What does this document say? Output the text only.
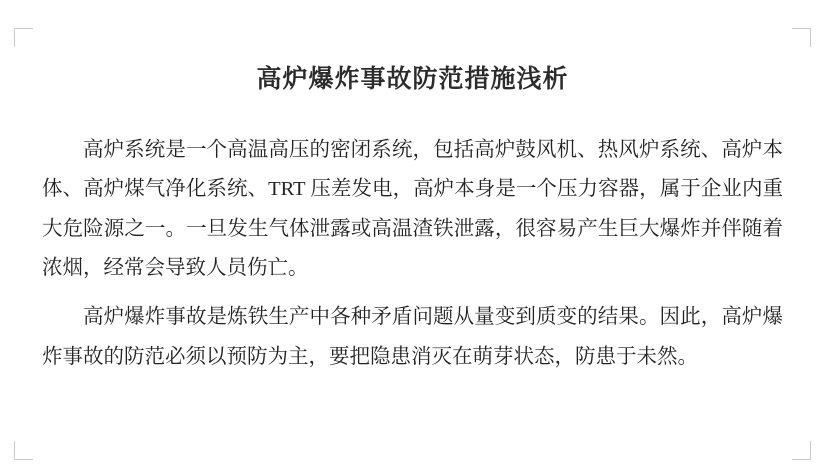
高炉爆炸事故防范措施浅析

高炉系统是一个高温高压的密闭系统，包括高炉鼓风机、热风炉系统、高炉本体、高炉煤气净化系统、TRT 压差发电，高炉本身是一个压力容器，属于企业内重大危险源之一。一旦发生气体泄露或高温渣铁泄露，很容易产生巨大爆炸并伴随着浓烟，经常会导致人员伤亡。

高炉爆炸事故是炼铁生产中各种矛盾问题从量变到质变的结果。因此，高炉爆炸事故的防范必须以预防为主，要把隐患消灭在萌芽状态，防患于未然。
